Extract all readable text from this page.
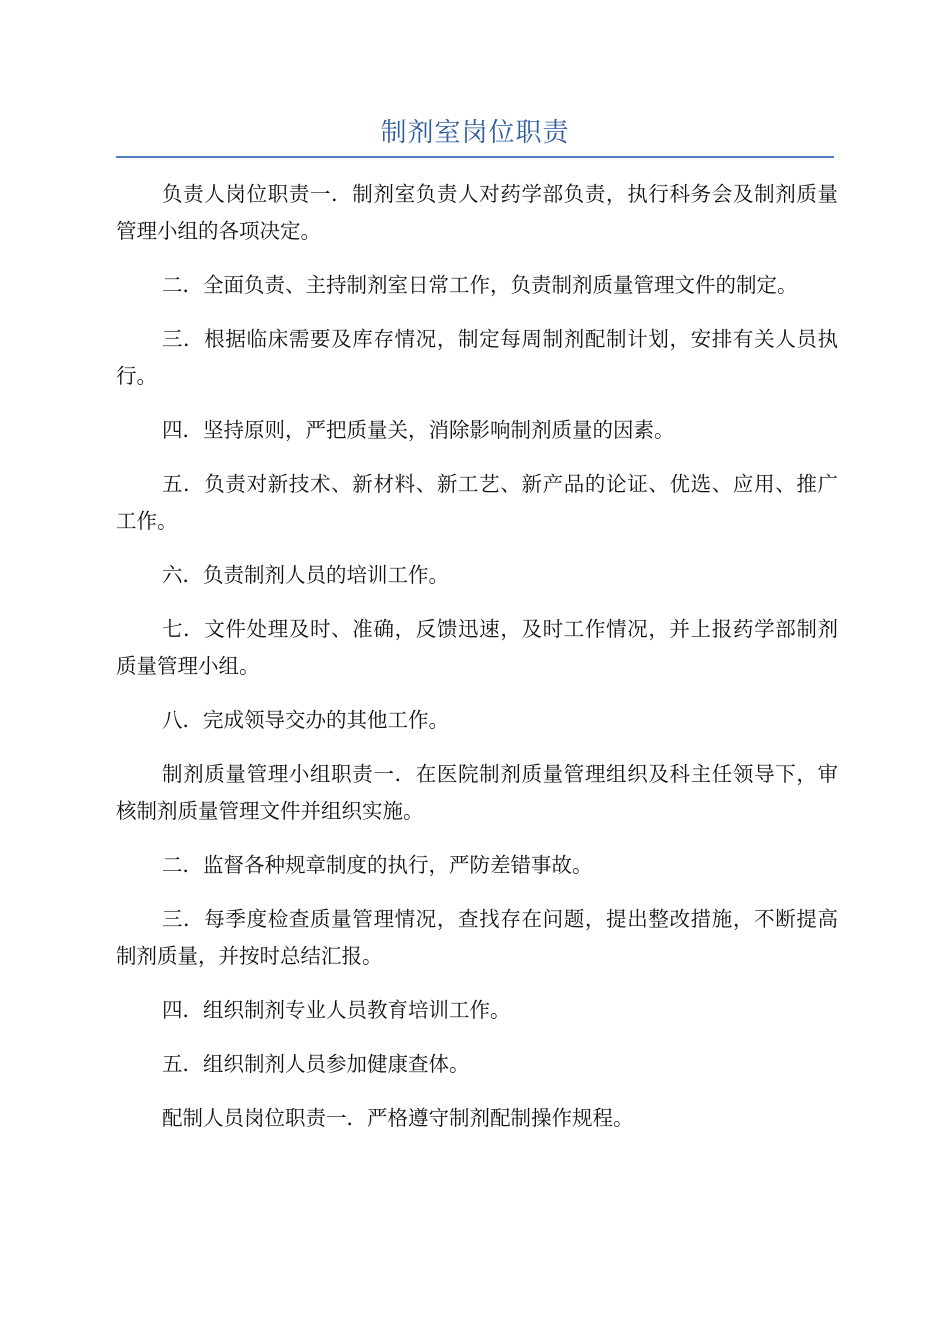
制剂室岗位职责

负责人岗位职责一．制剂室负责人对药学部负责，执行科务会及制剂质量管理小组的各项决定。

二．全面负责、主持制剂室日常工作，负责制剂质量管理文件的制定。

三．根据临床需要及库存情况，制定每周制剂配制计划，安排有关人员执行。

四．坚持原则，严把质量关，消除影响制剂质量的因素。

五．负责对新技术、新材料、新工艺、新产品的论证、优选、应用、推广工作。

六．负责制剂人员的培训工作。

七．文件处理及时、准确，反馈迅速，及时工作情况，并上报药学部制剂质量管理小组。

八．完成领导交办的其他工作。

制剂质量管理小组职责一．在医院制剂质量管理组织及科主任领导下，审核制剂质量管理文件并组织实施。

二．监督各种规章制度的执行，严防差错事故。

三．每季度检查质量管理情况，查找存在问题，提出整改措施，不断提高制剂质量，并按时总结汇报。

四．组织制剂专业人员教育培训工作。

五．组织制剂人员参加健康查体。

配制人员岗位职责一．严格遵守制剂配制操作规程。
